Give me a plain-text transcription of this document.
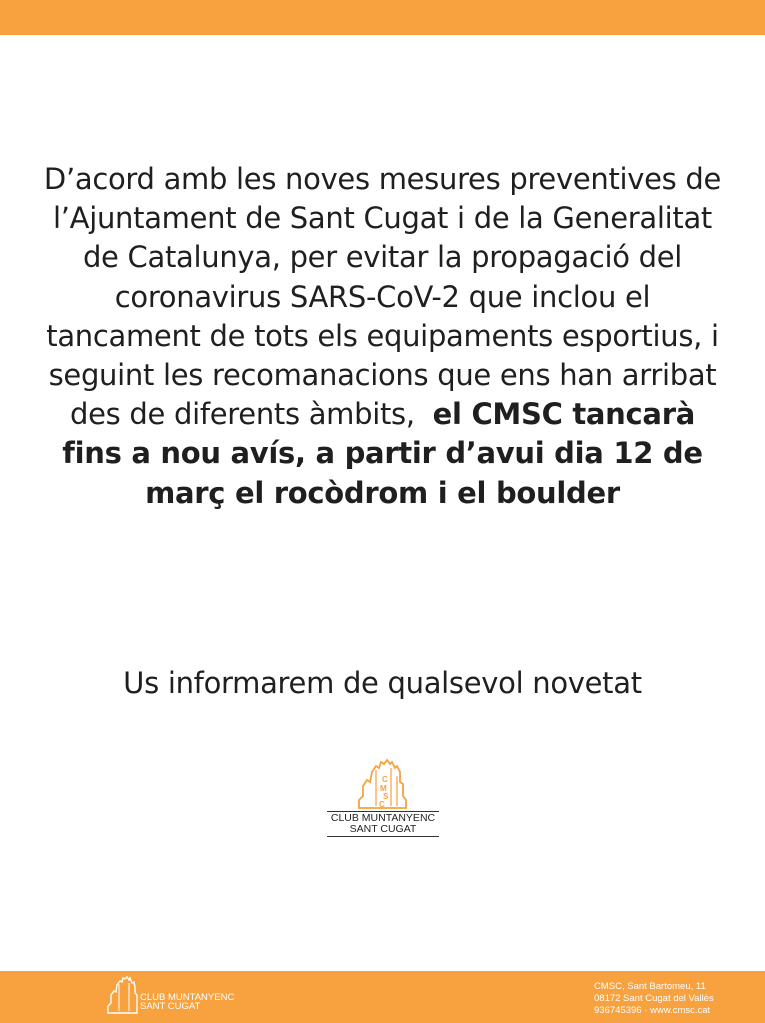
D’acord amb les noves mesures preventives de l’Ajuntament de Sant Cugat i de la Generalitat de Catalunya, per evitar la propagació del coronavirus SARS-CoV-2 que inclou el tancament de tots els equipaments esportius, i seguint les recomanacions que ens han arribat des de diferents àmbits, el CMSC tancarà fins a nou avís, a partir d’avui dia 12 de març el rocòdrom i el boulder
Us informarem de qualsevol novetat
C
M
S
C
CLUB MUNTANYENC
SANT CUGAT
CLUB MUNTANYENC
SANT CUGAT
CMSC, Sant Bartomeu, 11
08172 Sant Cugat del Vallès
936745396 · www.cmsc.cat
